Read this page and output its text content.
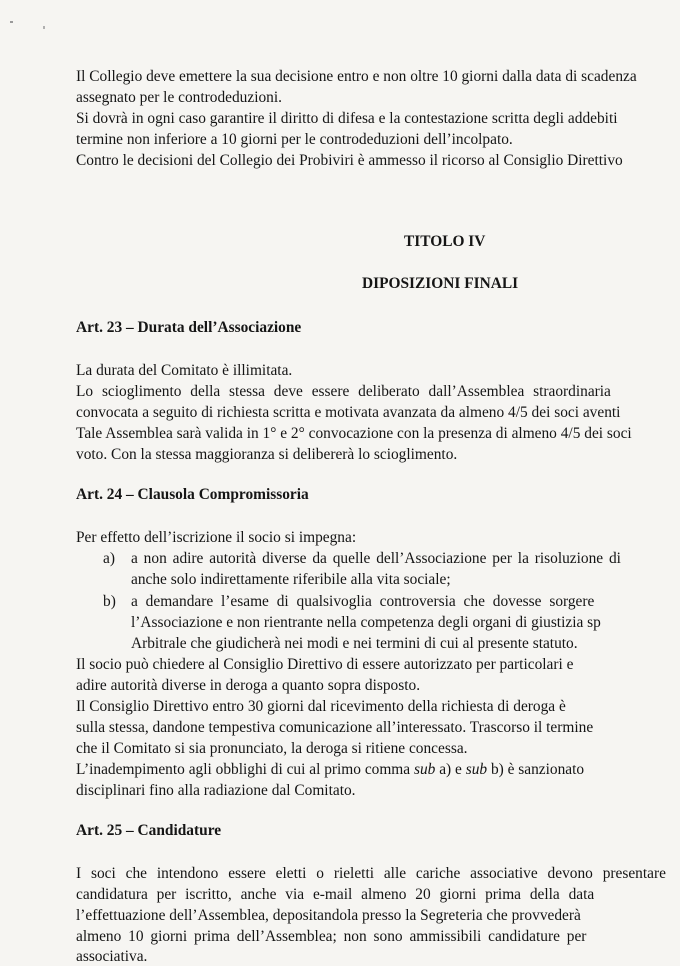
Il Collegio deve emettere la sua decisione entro e non oltre 10 giorni dalla data di scadenza

assegnato per le controdeduzioni.

Si dovrà in ogni caso garantire il diritto di difesa e la contestazione scritta degli addebiti

termine non inferiore a 10 giorni per le controdeduzioni dell’incolpato.

Contro le decisioni del Collegio dei Probiviri è ammesso il ricorso al Consiglio Direttivo

TITOLO IV
DIPOSIZIONI FINALI
Art. 23 – Durata dell’Associazione

La durata del Comitato è illimitata.

Lo scioglimento della stessa deve essere deliberato dall’Assemblea straordinaria

convocata a seguito di richiesta scritta e motivata avanzata da almeno 4/5 dei soci aventi

Tale Assemblea sarà valida in 1° e 2° convocazione con la presenza di almeno 4/5 dei soci

voto. Con la stessa maggioranza si delibererà lo scioglimento.

Art. 24 – Clausola Compromissoria

Per effetto dell’iscrizione il socio si impegna:

a) a non adire autorità diverse da quelle dell’Associazione per la risoluzione di

anche solo indirettamente riferibile alla vita sociale;

b) a demandare l’esame di qualsivoglia controversia che dovesse sorgere

l’Associazione e non rientrante nella competenza degli organi di giustizia sp

Arbitrale che giudicherà nei modi e nei termini di cui al presente statuto.

Il socio può chiedere al Consiglio Direttivo di essere autorizzato per particolari e

adire autorità diverse in deroga a quanto sopra disposto.

Il Consiglio Direttivo entro 30 giorni dal ricevimento della richiesta di deroga è

sulla stessa, dandone tempestiva comunicazione all’interessato. Trascorso il termine

che il Comitato si sia pronunciato, la deroga si ritiene concessa.

L’inadempimento agli obblighi di cui al primo comma sub a) e sub b) è sanzionato

disciplinari fino alla radiazione dal Comitato.

Art. 25 – Candidature

I soci che intendono essere eletti o rieletti alle cariche associative devono presentare

candidatura per iscritto, anche via e-mail almeno 20 giorni prima della data

l’effettuazione dell’Assemblea, depositandola presso la Segreteria che provvederà

almeno 10 giorni prima dell’Assemblea; non sono ammissibili candidature per

associativa.
